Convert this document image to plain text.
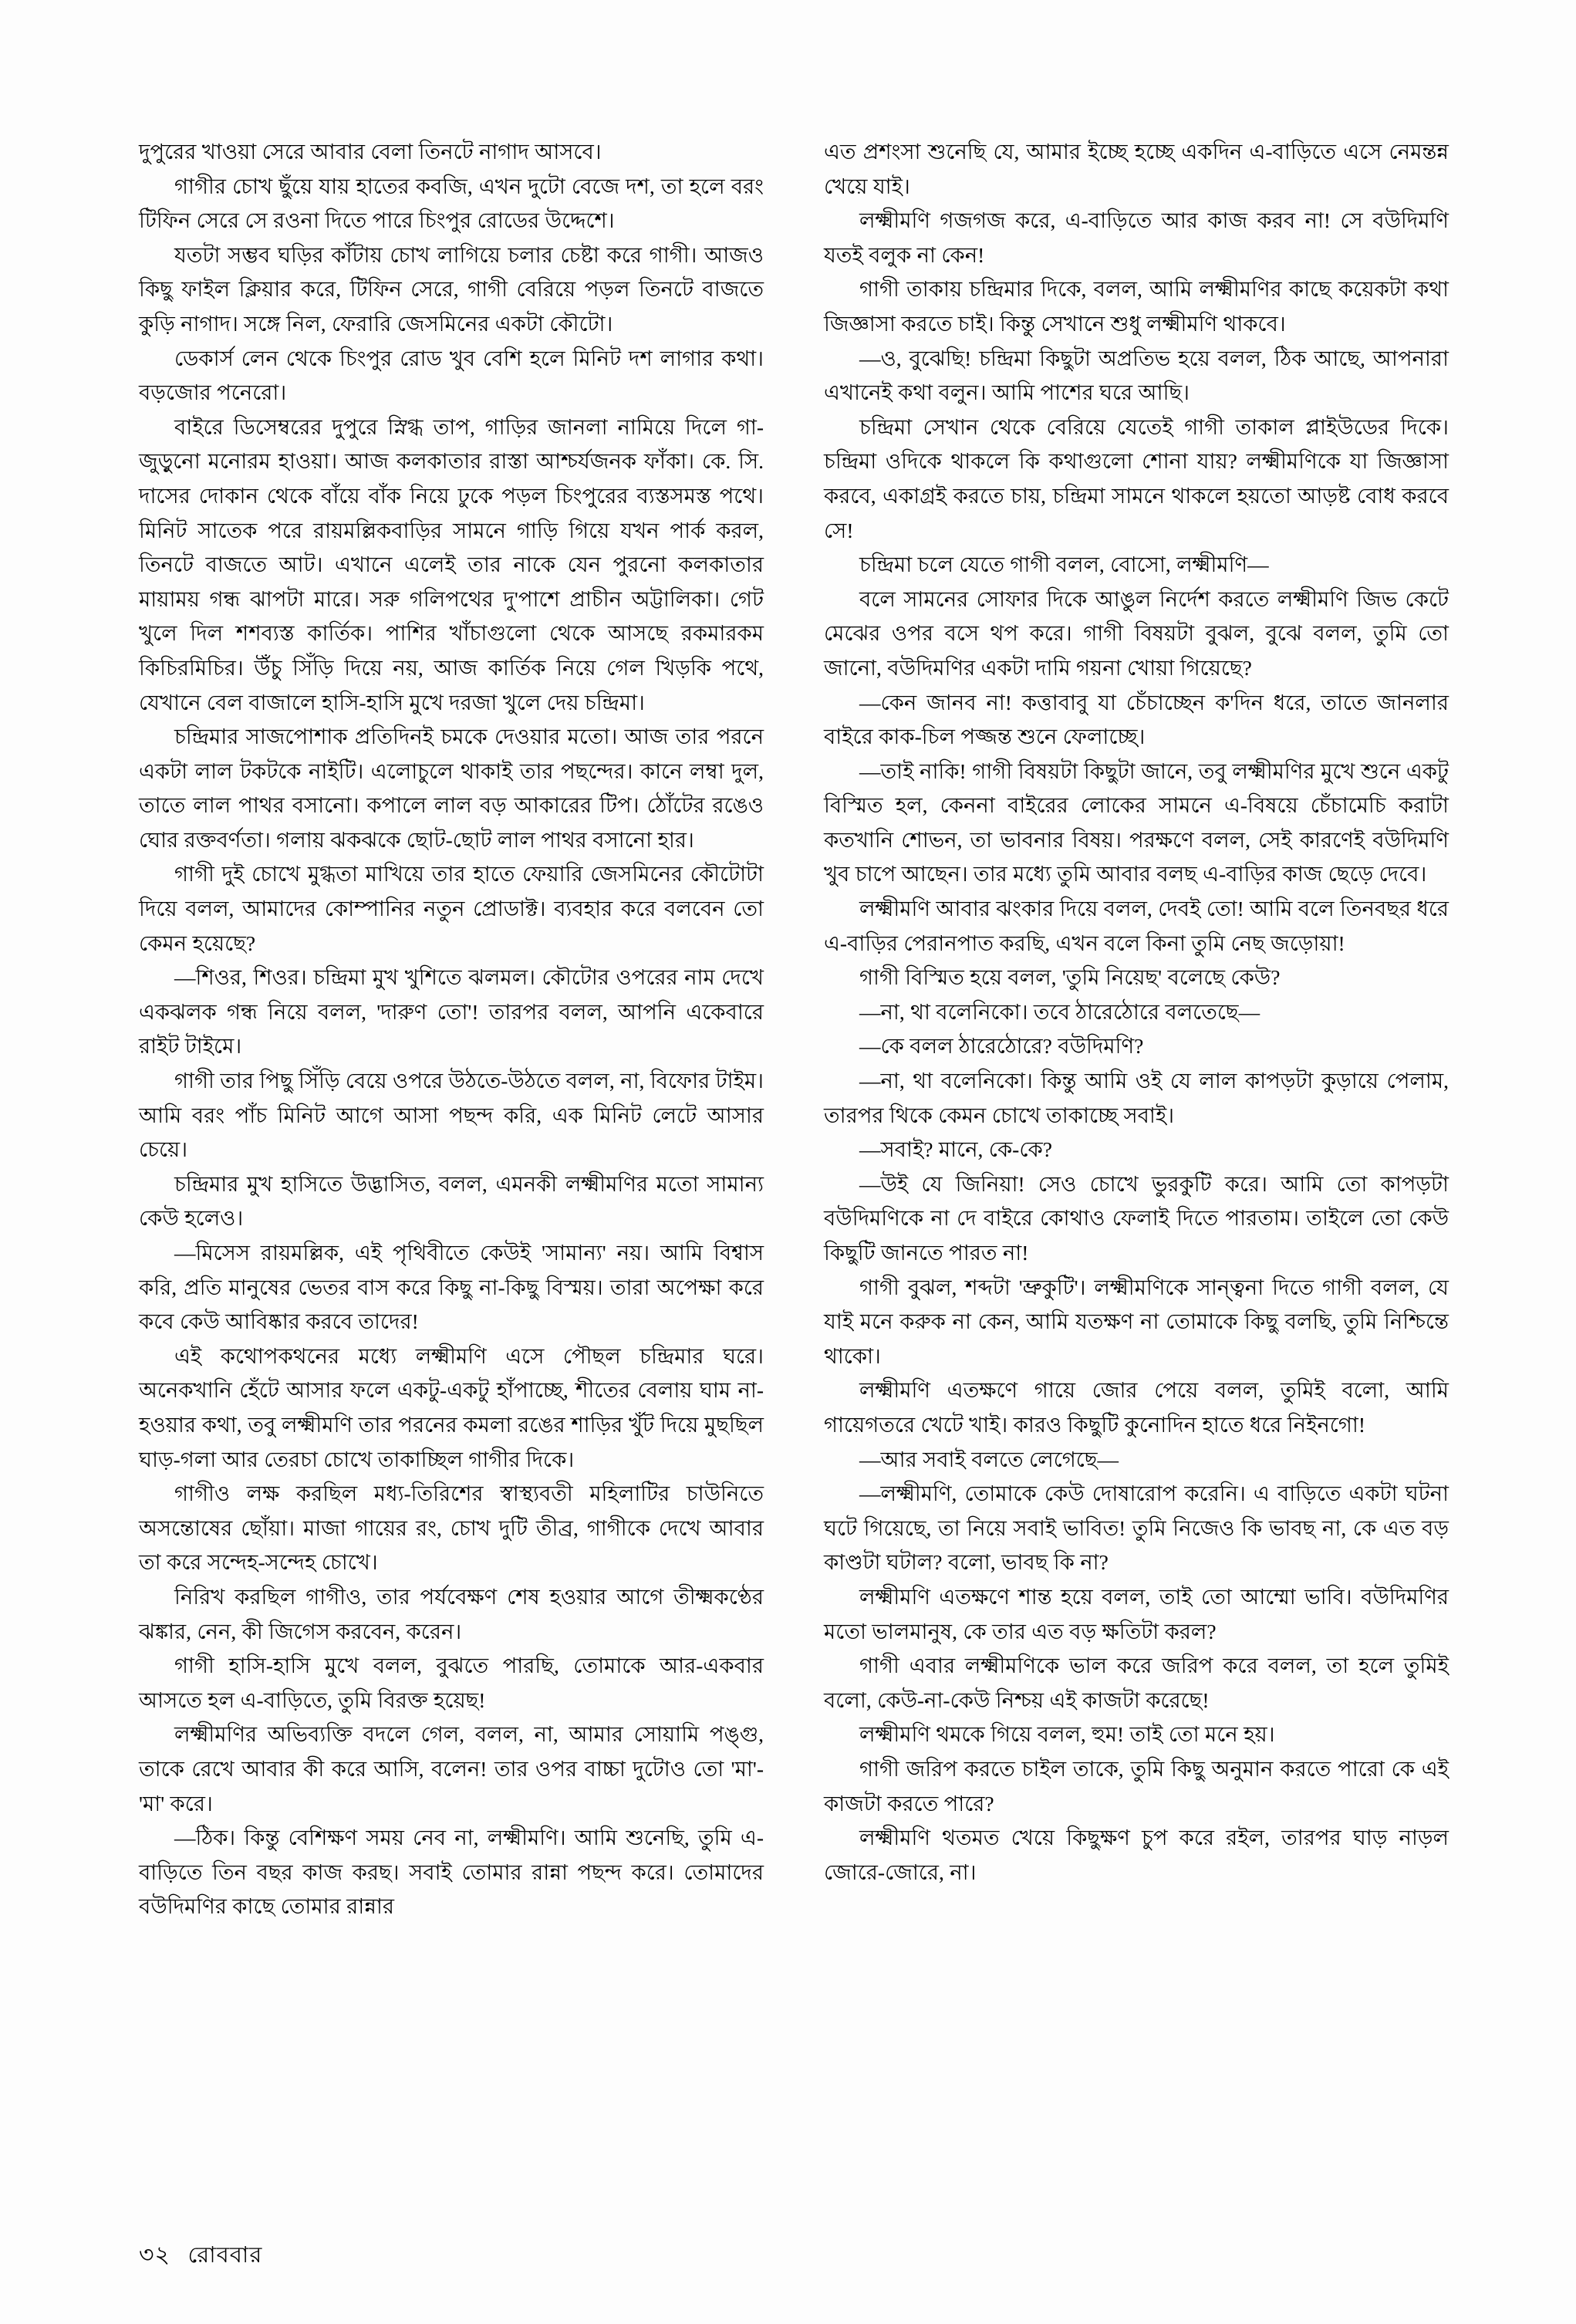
দুপুরের খাওয়া সেরে আবার বেলা তিনটে নাগাদ আসবে।

গাগীর চোখ ছুঁয়ে যায় হাতের কবজি, এখন দুটো বেজে দশ, তা হলে বরং টিফিন সেরে সে রওনা দিতে পারে চিংপুর রোডের উদ্দেশে।

যতটা সম্ভব ঘড়ির কাঁটায় চোখ লাগিয়ে চলার চেষ্টা করে গাগী। আজও কিছু ফাইল ক্লিয়ার করে, টিফিন সেরে, গাগী বেরিয়ে পড়ল তিনটে বাজতে কুড়ি নাগাদ। সঙ্গে নিল, ফেরারি জেসমিনের একটা কৌটো।

ডেকার্স লেন থেকে চিংপুর রোড খুব বেশি হলে মিনিট দশ লাগার কথা। বড়জোর পনেরো।

বাইরে ডিসেম্বরের দুপুরে স্নিগ্ধ তাপ, গাড়ির জানলা নামিয়ে দিলে গা-জুড়ুনো মনোরম হাওয়া। আজ কলকাতার রাস্তা আশ্চর্যজনক ফাঁকা। কে. সি. দাসের দোকান থেকে বাঁয়ে বাঁক নিয়ে ঢুকে পড়ল চিংপুরের ব্যস্তসমস্ত পথে। মিনিট সাতেক পরে রায়মল্লিকবাড়ির সামনে গাড়ি গিয়ে যখন পার্ক করল, তিনটে বাজতে আট। এখানে এলেই তার নাকে যেন পুরনো কলকাতার মায়াময় গন্ধ ঝাপটা মারে। সরু গলিপথের দু'পাশে প্রাচীন অট্টালিকা। গেট খুলে দিল শশব্যস্ত কার্তিক। পাশির খাঁচাগুলো থেকে আসছে রকমারকম কিচিরমিচির। উঁচু সিঁড়ি দিয়ে নয়, আজ কার্তিক নিয়ে গেল খিড়কি পথে, যেখানে বেল বাজালে হাসি-হাসি মুখে দরজা খুলে দেয় চন্দ্রিমা।

চন্দ্রিমার সাজপোশাক প্রতিদিনই চমকে দেওয়ার মতো। আজ তার পরনে একটা লাল টকটকে নাইটি। এলোচুলে থাকাই তার পছন্দের। কানে লম্বা দুল, তাতে লাল পাথর বসানো। কপালে লাল বড় আকারের টিপ। ঠোঁটের রঙেও ঘোর রক্তবর্ণতা। গলায় ঝকঝকে ছোট-ছোট লাল পাথর বসানো হার।

গাগী দুই চোখে মুগ্ধতা মাখিয়ে তার হাতে ফেয়ারি জেসমিনের কৌটোটা দিয়ে বলল, আমাদের কোম্পানির নতুন প্রোডাক্ট। ব্যবহার করে বলবেন তো কেমন হয়েছে?

—শিওর, শিওর। চন্দ্রিমা মুখ খুশিতে ঝলমল। কৌটোর ওপরের নাম দেখে একঝলক গন্ধ নিয়ে বলল, 'দারুণ তো'! তারপর বলল, আপনি একেবারে রাইট টাইমে।

গাগী তার পিছু সিঁড়ি বেয়ে ওপরে উঠতে-উঠতে বলল, না, বিফোর টাইম। আমি বরং পাঁচ মিনিট আগে আসা পছন্দ করি, এক মিনিট লেটে আসার চেয়ে।

চন্দ্রিমার মুখ হাসিতে উদ্ভাসিত, বলল, এমনকী লক্ষ্মীমণির মতো সামান্য কেউ হলেও।

—মিসেস রায়মল্লিক, এই পৃথিবীতে কেউই 'সামান্য' নয়। আমি বিশ্বাস করি, প্রতি মানুষের ভেতর বাস করে কিছু না-কিছু বিস্ময়। তারা অপেক্ষা করে কবে কেউ আবিষ্কার করবে তাদের!

এই কথোপকথনের মধ্যে লক্ষ্মীমণি এসে পৌছল চন্দ্রিমার ঘরে। অনেকখানি হেঁটে আসার ফলে একটু-একটু হাঁপাচ্ছে, শীতের বেলায় ঘাম না-হওয়ার কথা, তবু লক্ষ্মীমণি তার পরনের কমলা রঙের শাড়ির খুঁট দিয়ে মুছছিল ঘাড়-গলা আর তেরচা চোখে তাকাচ্ছিল গাগীর দিকে।

গাগীও লক্ষ করছিল মধ্য-তিরিশের স্বাস্থ্যবতী মহিলাটির চাউনিতে অসন্তোষের ছোঁয়া। মাজা গায়ের রং, চোখ দুটি তীব্র, গাগীকে দেখে আবার তা করে সন্দেহ-সন্দেহ চোখে।

নিরিখ করছিল গাগীও, তার পর্যবেক্ষণ শেষ হওয়ার আগে তীক্ষ্মকণ্ঠের ঝঙ্কার, নেন, কী জিগেস করবেন, করেন।

গাগী হাসি-হাসি মুখে বলল, বুঝতে পারছি, তোমাকে আর-একবার আসতে হল এ-বাড়িতে, তুমি বিরক্ত হয়েছ!

লক্ষ্মীমণির অভিব্যক্তি বদলে গেল, বলল, না, আমার সোয়ামি পঙ্গু, তাকে রেখে আবার কী করে আসি, বলেন! তার ওপর বাচ্চা দুটোও তো 'মা'-'মা' করে।

—ঠিক। কিন্তু বেশিক্ষণ সময় নেব না, লক্ষ্মীমণি। আমি শুনেছি, তুমি এ-বাড়িতে তিন বছর কাজ করছ। সবাই তোমার রান্না পছন্দ করে। তোমাদের বউদিমণির কাছে তোমার রান্নার

এত প্রশংসা শুনেছি যে, আমার ইচ্ছে হচ্ছে একদিন এ-বাড়িতে এসে নেমন্তন্ন খেয়ে যাই।

লক্ষ্মীমণি গজগজ করে, এ-বাড়িতে আর কাজ করব না! সে বউদিমণি যতই বলুক না কেন!

গাগী তাকায় চন্দ্রিমার দিকে, বলল, আমি লক্ষ্মীমণির কাছে কয়েকটা কথা জিজ্ঞাসা করতে চাই। কিন্তু সেখানে শুধু লক্ষ্মীমণি থাকবে।

—ও, বুঝেছি! চন্দ্রিমা কিছুটা অপ্রতিভ হয়ে বলল, ঠিক আছে, আপনারা এখানেই কথা বলুন। আমি পাশের ঘরে আছি।

চন্দ্রিমা সেখান থেকে বেরিয়ে যেতেই গাগী তাকাল প্লাইউডের দিকে। চন্দ্রিমা ওদিকে থাকলে কি কথাগুলো শোনা যায়? লক্ষ্মীমণিকে যা জিজ্ঞাসা করবে, একাগ্রই করতে চায়, চন্দ্রিমা সামনে থাকলে হয়তো আড়ষ্ট বোধ করবে সে!

চন্দ্রিমা চলে যেতে গাগী বলল, বোসো, লক্ষ্মীমণি—

বলে সামনের সোফার দিকে আঙুল নির্দেশ করতে লক্ষ্মীমণি জিভ কেটে মেঝের ওপর বসে থপ করে। গাগী বিষয়টা বুঝল, বুঝে বলল, তুমি তো জানো, বউদিমণির একটা দামি গয়না খোয়া গিয়েছে?

—কেন জানব না! কত্তাবাবু যা চেঁচাচ্ছেন ক'দিন ধরে, তাতে জানলার বাইরে কাক-চিল পজ্জন্ত শুনে ফেলাচ্ছে।

—তাই নাকি! গাগী বিষয়টা কিছুটা জানে, তবু লক্ষ্মীমণির মুখে শুনে একটু বিস্মিত হল, কেননা বাইরের লোকের সামনে এ-বিষয়ে চেঁচামেচি করাটা কতখানি শোভন, তা ভাবনার বিষয়। পরক্ষণে বলল, সেই কারণেই বউদিমণি খুব চাপে আছেন। তার মধ্যে তুমি আবার বলছ এ-বাড়ির কাজ ছেড়ে দেবে।

লক্ষ্মীমণি আবার ঝংকার দিয়ে বলল, দেবই তো! আমি বলে তিনবছর ধরে এ-বাড়ির পেরানপাত করছি, এখন বলে কিনা তুমি নেছ জড়োয়া!

গাগী বিস্মিত হয়ে বলল, 'তুমি নিয়েছ' বলেছে কেউ?

—না, থা বলেনিকো। তবে ঠারেঠোরে বলতেছে—

—কে বলল ঠারেঠোরে? বউদিমণি?

—না, থা বলেনিকো। কিন্তু আমি ওই যে লাল কাপড়টা কুড়ায়ে পেলাম, তারপর থিকে কেমন চোখে তাকাচ্ছে সবাই।

—সবাই? মানে, কে-কে?

—উই যে জিনিয়া! সেও চোখে ভুরকুটি করে। আমি তো কাপড়টা বউদিমণিকে না দে বাইরে কোথাও ফেলাই দিতে পারতাম। তাইলে তো কেউ কিছুটি জানতে পারত না!

গাগী বুঝল, শব্দটা 'ভ্রুকুটি'। লক্ষ্মীমণিকে সান্ত্বনা দিতে গাগী বলল, যে যাই মনে করুক না কেন, আমি যতক্ষণ না তোমাকে কিছু বলছি, তুমি নিশ্চিন্তে থাকো।

লক্ষ্মীমণি এতক্ষণে গায়ে জোর পেয়ে বলল, তুমিই বলো, আমি গায়েগতরে খেটে খাই। কারও কিছুটি কুনোদিন হাতে ধরে নিইনগো!

—আর সবাই বলতে লেগেছে—

—লক্ষ্মীমণি, তোমাকে কেউ দোষারোপ করেনি। এ বাড়িতে একটা ঘটনা ঘটে গিয়েছে, তা নিয়ে সবাই ভাবিত! তুমি নিজেও কি ভাবছ না, কে এত বড় কাণ্ডটা ঘটাল? বলো, ভাবছ কি না?

লক্ষ্মীমণি এতক্ষণে শান্ত হয়ে বলল, তাই তো আম্মো ভাবি। বউদিমণির মতো ভালমানুষ, কে তার এত বড় ক্ষতিটা করল?

গাগী এবার লক্ষ্মীমণিকে ভাল করে জরিপ করে বলল, তা হলে তুমিই বলো, কেউ-না-কেউ নিশ্চয় এই কাজটা করেছে!

লক্ষ্মীমণি থমকে গিয়ে বলল, হুম! তাই তো মনে হয়।

গাগী জরিপ করতে চাইল তাকে, তুমি কিছু অনুমান করতে পারো কে এই কাজটা করতে পারে?

লক্ষ্মীমণি থতমত খেয়ে কিছুক্ষণ চুপ করে রইল, তারপর ঘাড় নাড়ল জোরে-জোরে, না।

৩২ রোববার
